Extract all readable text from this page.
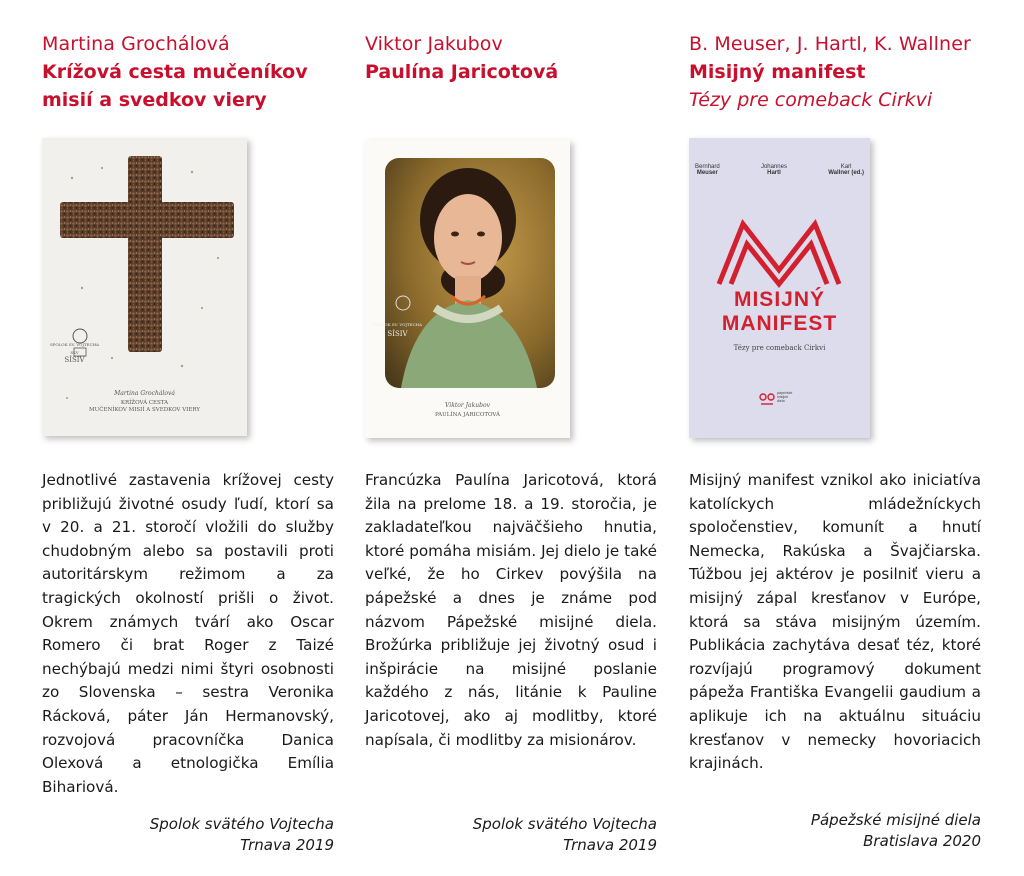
Martina Grochálová
Krížová cesta mučeníkov
misií a svedkov viery
Viktor Jakubov
Paulína Jaricotová
B. Meuser, J. Hartl, K. Wallner
Misijný manifest
Tézy pre comeback Cirkvi
SPOLOK SV. VOJTECHA
SSV
SÍSIV
Martina Grochálová
KRÍŽOVÁ CESTA
MUČENÍKOV MISIÍ A SVEDKOV VIERY
SPOLOK SV. VOJTECHA
SÍSIV
Viktor Jakubov
PAULÍNA JARICOTOVÁ
Bernhard
Meuser
Johannes
Hartl
Karl
Wallner (ed.)
MISIJNÝ
MANIFEST
Tézy pre comeback Cirkvi
pápežské
misijné
diela
Jednotlivé zastavenia krížovej cesty približujú životné osudy ľudí, ktorí sa v 20. a 21. storočí vložili do služby chudobným alebo sa postavili proti autoritárskym režimom a za tragických okolností prišli o život. Okrem známych tvárí ako Oscar Romero či brat Roger z Taizé nechýbajú medzi nimi štyri osobnosti zo Slovenska – sestra Veronika Rácková, páter Ján Hermanovský, rozvojová pracovníčka Danica Olexová a etnologička Emília Bihariová.
Francúzka Paulína Jaricotová, ktorá žila na prelome 18. a 19. storočia, je zakladateľkou najväčšieho hnutia, ktoré pomáha misiám. Jej dielo je také veľké, že ho Cirkev povýšila na pápežské a dnes je známe pod názvom Pápežské misijné diela. Brožúrka približuje jej životný osud i inšpirácie na misijné poslanie každého z nás, litánie k Pauline Jaricotovej, ako aj modlitby, ktoré napísala, či modlitby za misionárov.
Misijný manifest vznikol ako iniciatíva katolíckych mládežníckych spoločenstiev, komunít a hnutí Nemecka, Rakúska a Švajčiarska. Túžbou jej aktérov je posilniť vieru a misijný zápal kresťanov v Európe, ktorá sa stáva misijným územím. Publikácia zachytáva desať téz, ktoré rozvíjajú programový dokument pápeža Františka Evangelii gaudium a aplikuje ich na aktuálnu situáciu kresťanov v nemecky hovoriacich krajinách.
Spolok svätého Vojtecha
Trnava 2019
Spolok svätého Vojtecha
Trnava 2019
Pápežské misijné diela
Bratislava 2020
